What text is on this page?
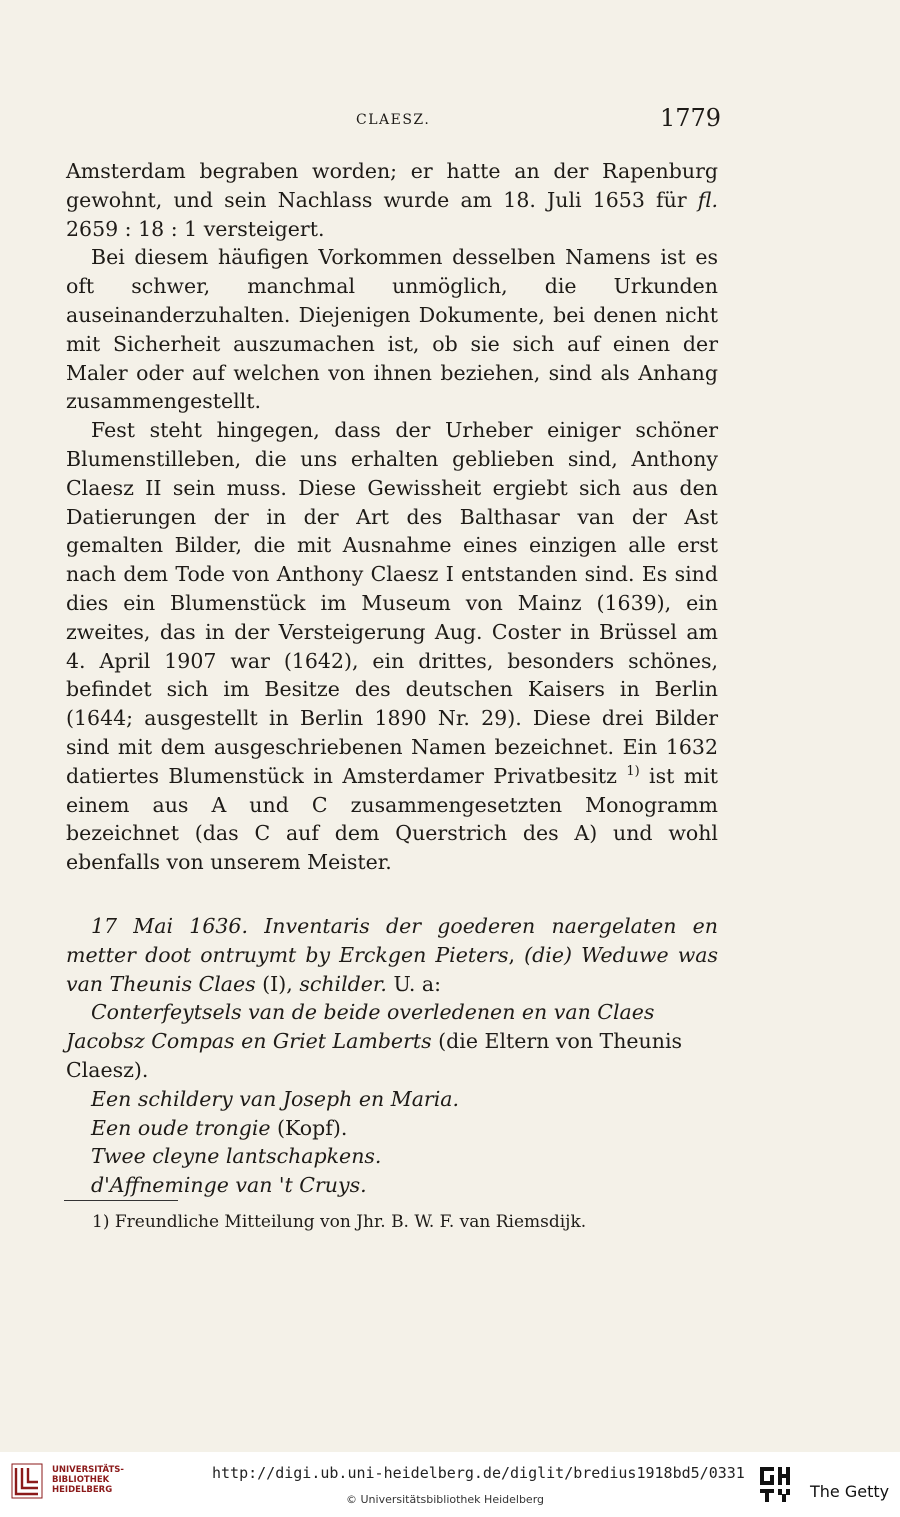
CLAESZ.	1779

Amsterdam begraben worden; er hatte an der Rapenburg gewohnt, und sein Nachlass wurde am 18. Juli 1653 für fl. 2659 : 18 : 1 versteigert.

Bei diesem häufigen Vorkommen desselben Namens ist es oft schwer, manchmal unmöglich, die Urkunden auseinanderzuhalten. Diejenigen Dokumente, bei denen nicht mit Sicherheit auszumachen ist, ob sie sich auf einen der Maler oder auf welchen von ihnen beziehen, sind als Anhang zusammengestellt.

Fest steht hingegen, dass der Urheber einiger schöner Blumenstilleben, die uns erhalten geblieben sind, Anthony Claesz II sein muss. Diese Gewissheit ergiebt sich aus den Datierungen der in der Art des Balthasar van der Ast gemalten Bilder, die mit Ausnahme eines einzigen alle erst nach dem Tode von Anthony Claesz I entstanden sind. Es sind dies ein Blumenstück im Museum von Mainz (1639), ein zweites, das in der Versteigerung Aug. Coster in Brüssel am 4. April 1907 war (1642), ein drittes, besonders schönes, befindet sich im Besitze des deutschen Kaisers in Berlin (1644; ausgestellt in Berlin 1890 Nr. 29). Diese drei Bilder sind mit dem ausgeschriebenen Namen bezeichnet. Ein 1632 datiertes Blumenstück in Amsterdamer Privatbesitz $^{1)}$ ist mit einem aus A und C zusammengesetzten Monogramm bezeichnet (das C auf dem Querstrich des A) und wohl ebenfalls von unserem Meister.

17 Mai 1636. Inventaris der goederen naergelaten en metter doot ontruymt by Erckgen Pieters, (die) Weduwe was van Theunis Claes (I), schilder. U. a:

Conterfeytsels van de beide overledenen en van Claes Jacobsz Compas en Griet Lamberts (die Eltern von Theunis Claesz).

Een schildery van Joseph en Maria.

Een oude trongie (Kopf).

Twee cleyne lantschapkens.

d'Affneminge van 't Cruys.

1) Freundliche Mitteilung von Jhr. B. W. F. van Riemsdijk.
UNIVERSITÄTS-
BIBLIOTHEK
HEIDELBERG
http://digi.ub.uni-heidelberg.de/diglit/bredius1918bd5/0331
© Universitätsbibliothek Heidelberg	The Getty
